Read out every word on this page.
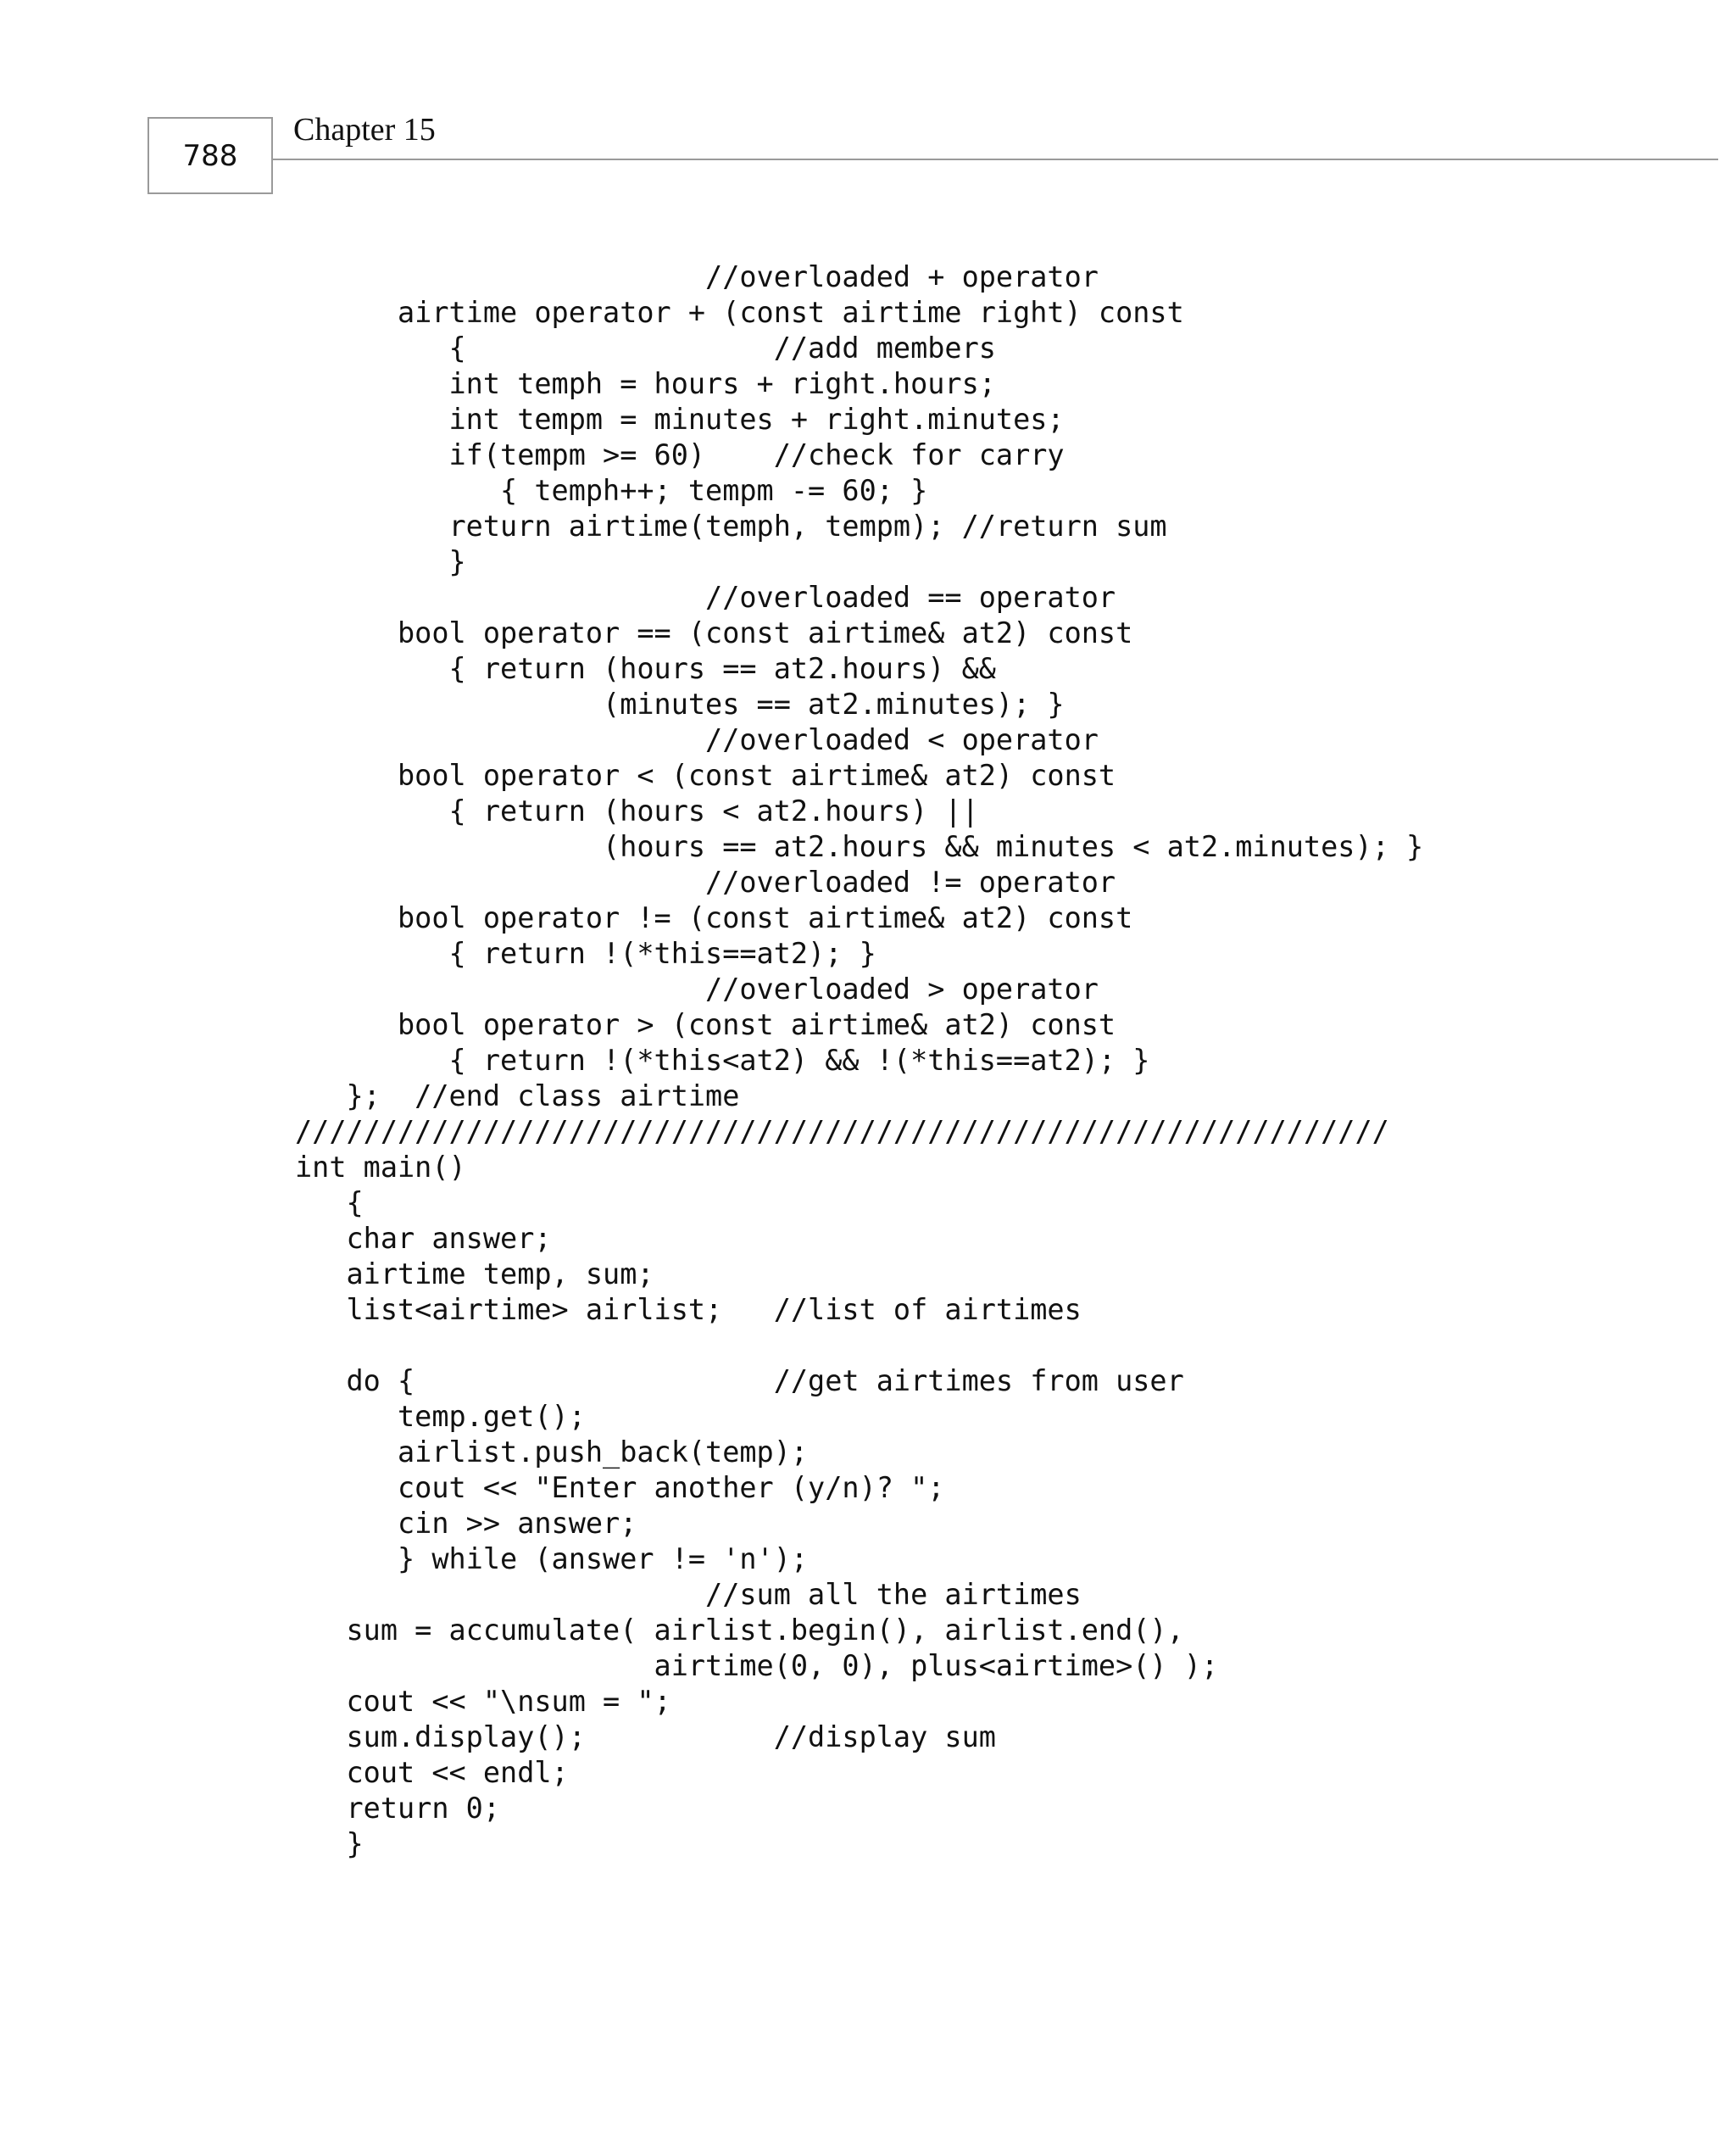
788
Chapter 15
//overloaded + operator
airtime operator + (const airtime right) const
{                  //add members
int temph = hours + right.hours;
int tempm = minutes + right.minutes;
if(tempm >= 60)    //check for carry
{ temph++; tempm -= 60; }
return airtime(temph, tempm); //return sum
}
//overloaded == operator
bool operator == (const airtime& at2) const
{ return (hours == at2.hours) &&
(minutes == at2.minutes); }
//overloaded < operator
bool operator < (const airtime& at2) const
{ return (hours < at2.hours) ||
(hours == at2.hours && minutes < at2.minutes); }
//overloaded != operator
bool operator != (const airtime& at2) const
{ return !(*this==at2); }
//overloaded > operator
bool operator > (const airtime& at2) const
{ return !(*this<at2) && !(*this==at2); }
};  //end class airtime
////////////////////////////////////////////////////////////////
int main()
{
char answer;
airtime temp, sum;
list<airtime> airlist;   //list of airtimes
do {                     //get airtimes from user
temp.get();
airlist.push_back(temp);
cout << "Enter another (y/n)? ";
cin >> answer;
} while (answer != 'n');
//sum all the airtimes
sum = accumulate( airlist.begin(), airlist.end(),
airtime(0, 0), plus<airtime>() );
cout << "\nsum = ";
sum.display();           //display sum
cout << endl;
return 0;
}
